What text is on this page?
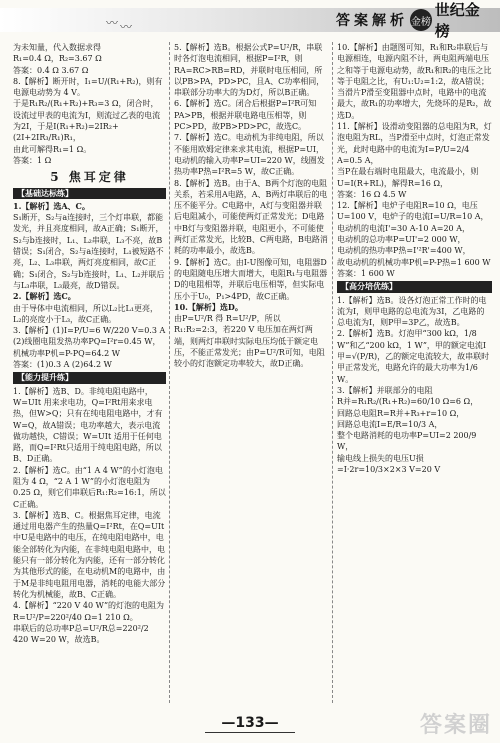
〰 〰	答案解析 金榜
世纪金榜

为未知量，代入数据求得

R₁=0.4 Ω，R₂=3.67 Ω

答案：0.4 Ω 3.67 Ω

8.【解析】断开时，I₁=U/(R₁+R₂)，则有电源电动势为 4 V。

于是R₁R₂/(R₁+R₂)+R₃=3 Ω，闭合时，设流过甲表的电流为I，则流过乙表的电流为2I，于是I(R₁+R₂)=2IR₂+(2I+2IR₃/R₁)R₁，

由此可解得R₁=1 Ω。

答案：1 Ω

5 焦耳定律
【基础达标练】

1.【解析】选A、C。

S₁断开，S₂与a连接时，三个灯串联，都能发光，并且亮度相同，故A正确；S₁断开，S₂与b连接时，L₁、L₂串联，L₃不亮，故B错误；S₁闭合，S₂与a连接时，L₁被短路不亮，L₂、L₃串联，两灯亮度相同，故C正确；S₁闭合，S₂与b连接时，L₁、L₂并联后与L₃串联，L₃最亮，故D错误。

2.【解析】选C。

由于导体中电流相同，所以L₂比L₁更亮，L₂的亮度小于L₃，故C正确。

3.【解析】(1)I=P/U=6 W/220 V=0.3 A

(2)线圈电阻发热功率PQ=I²r=0.45 W，机械功率P机=P-PQ=64.2 W

答案：(1)0.3 A (2)64.2 W

【能力提升练】

1.【解析】选B、D。非纯电阻电路中，W=UIt 用来求电功，Q=I²Rt用来求电热，但W>Q；只有在纯电阻电路中，才有W=Q，故A错误；电功率越大，表示电流做功越快，C错误；W=UIt 适用于任何电路，而Q=I²Rt只适用于纯电阻电路，所以B、D正确。

2.【解析】选C。由“1 A 4 W”的小灯泡电阻为 4 Ω，“2 A 1 W”的小灯泡电阻为0.25 Ω，则它们串联后R₁:R₂=16:1，所以C正确。

3.【解析】选B、C。根据焦耳定律，电流通过用电器产生的热量Q=I²Rt，在Q=UIt中U是电路中的电压，在纯电阻电路中，电能全部转化为内能，在非纯电阻电路中，电能只有一部分转化为内能，还有一部分转化为其他形式的能，在电动机M的电路中，由于M是非纯电阻用电器，消耗的电能大部分转化为机械能，故B、C正确。

4.【解析】“220 V 40 W”的灯泡的电阻为R=U²/P=220²/40 Ω=1 210 Ω。

串联后的总功率P总=U²/R总=220²/2 420 W=20 W，故选B。

5.【解析】选B。根据公式P=U²/R，串联时各灯泡电流相同，根据P=I²R，则RA=RC>RB=RD，并联时电压相同，所以PB>PA，PD>PC，且A、C功率相同，串联部分功率大的为D灯，所以B正确。

6.【解析】选C。闭合后根据P=I²R可知PA>PB，根据并联电路电压相等，则PC>PD，故PB>PD>PC，故选C。

7.【解析】选C。电动机为非纯电阻，所以不能用欧姆定律来求其电流，根据P=UI，电动机的输入功率P=UI=220 W，线圈发热功率P热=I²R=5 W，故C正确。

8.【解析】选B。由于A、B两个灯泡的电阻关系，若采用A电路，A、B两灯串联后的电压不能平分。C电路中，A灯与变阻器并联后电阻减小，可能使两灯正常发光；D电路中B灯与变阻器并联，电阻更小，不可能使两灯正常发光，比较B、C两电路，B电路消耗的功率最小，故选B。

9.【解析】选C。由I-U图像可知，电阻器D的电阻随电压增大而增大，电阻R₁与电阻器D的电阻相等，并联后电压相等，但实际电压小于U₀，P₁>4PD，故C正确。

10.【解析】选D。

由P=U²/R 得 R=U²/P，所以R₁:R₂=2:3，若220 V 电压加在两灯两端，则两灯串联时实际电压均低于额定电压，不能正常发光；由P=U²/R可知，电阻较小的灯泡额定功率较大，故D正确。

10.【解析】由题图可知，R₁和R₂串联后与电源相连，电源内阻不计，两电阻两端电压之和等于电源电动势，故R₁和R₂的电压之比等于电阻之比，有U₁:U₂=1:2，故A错误；当滑片P滑至变阻器中点时，电路中的电流最大，故R₁的功率增大，先烧坏的是R₂，故选D。

11.【解析】设滑动变阻器的总电阻为R，灯泡电阻为RL，当P滑至中点时，灯泡正常发光，此时电路中的电流为I=P/U=2/4 A=0.5 A，

当P在最右端时电阻最大，电流最小，则U=I(R+RL)，解得R=16 Ω，

答案：16 Ω 4.5 W

12.【解析】电炉子电阻R=10 Ω，电压U=100 V，电炉子的电流I=U/R=10 A，电动机的电流I'=30 A-10 A=20 A，

电动机的总功率P=UI'=2 000 W，

电动机的热功率P热=I'²R'=400 W，

故电动机的机械功率P机=P-P热=1 600 W

答案：1 600 W

【高分培优练】

1.【解析】选B。设各灯泡正常工作时的电流为I，则甲电路的总电流为3I，乙电路的总电流为I，则P甲=3P乙，故选B。

2.【解析】选B。灯泡甲“300 kΩ，1/8 W”和乙“200 kΩ，1 W”，甲的额定电流I甲=√(P/R)，乙的额定电流较大，故串联时甲正常发光，电路允许的最大功率为1/6 W。

3.【解析】并联部分的电阻

R并=R₁R₂/(R₁+R₂)=60/10 Ω=6 Ω，

回路总电阻R=R并+R₃+r=10 Ω，

回路总电流I=E/R=10/3 A，

整个电路消耗的电功率P=UI=2 200/9 W，

输电线上损失的电压U损=I·2r=10/3×2×3 V=20 V

—133—	答案圈
